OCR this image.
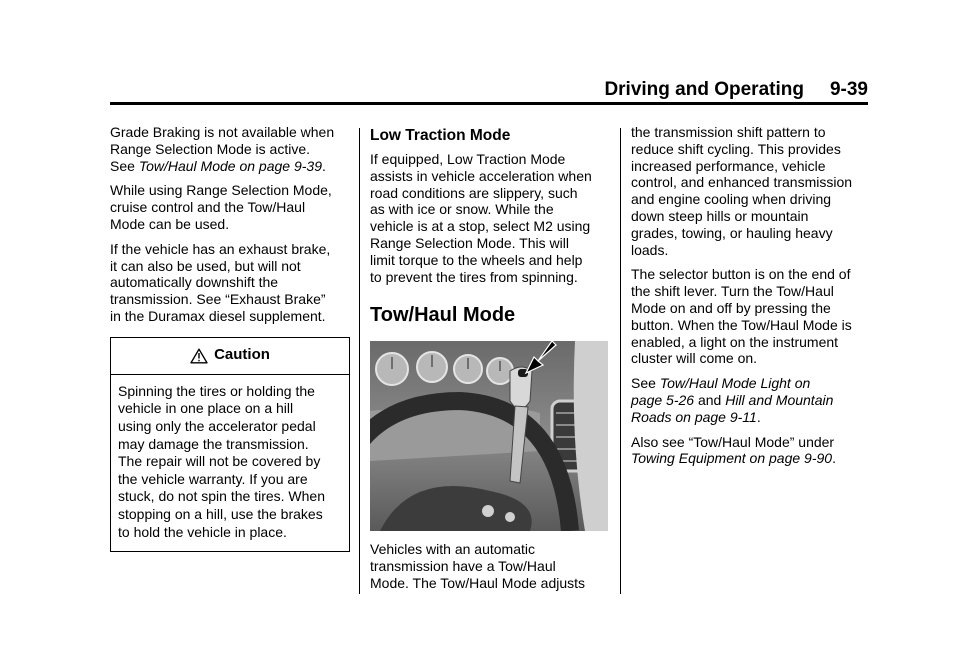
Driving and Operating 9-39

Grade Braking is not available when
Range Selection Mode is active.
See Tow/Haul Mode on page 9-39.

While using Range Selection Mode,
cruise control and the Tow/Haul
Mode can be used.

If the vehicle has an exhaust brake,
it can also be used, but will not
automatically downshift the
transmission. See “Exhaust Brake”
in the Duramax diesel supplement.

Caution
Spinning the tires or holding the
vehicle in one place on a hill
using only the accelerator pedal
may damage the transmission.
The repair will not be covered by
the vehicle warranty. If you are
stuck, do not spin the tires. When
stopping on a hill, use the brakes
to hold the vehicle in place.
Low Traction Mode

If equipped, Low Traction Mode
assists in vehicle acceleration when
road conditions are slippery, such
as with ice or snow. While the
vehicle is at a stop, select M2 using
Range Selection Mode. This will
limit torque to the wheels and help
to prevent the tires from spinning.

Tow/Haul Mode

Vehicles with an automatic
transmission have a Tow/Haul
Mode. The Tow/Haul Mode adjusts

the transmission shift pattern to
reduce shift cycling. This provides
increased performance, vehicle
control, and enhanced transmission
and engine cooling when driving
down steep hills or mountain
grades, towing, or hauling heavy
loads.

The selector button is on the end of
the shift lever. Turn the Tow/Haul
Mode on and off by pressing the
button. When the Tow/Haul Mode is
enabled, a light on the instrument
cluster will come on.

See Tow/Haul Mode Light on
page 5-26 and Hill and Mountain
Roads on page 9-11.

Also see “Tow/Haul Mode” under
Towing Equipment on page 9-90.
